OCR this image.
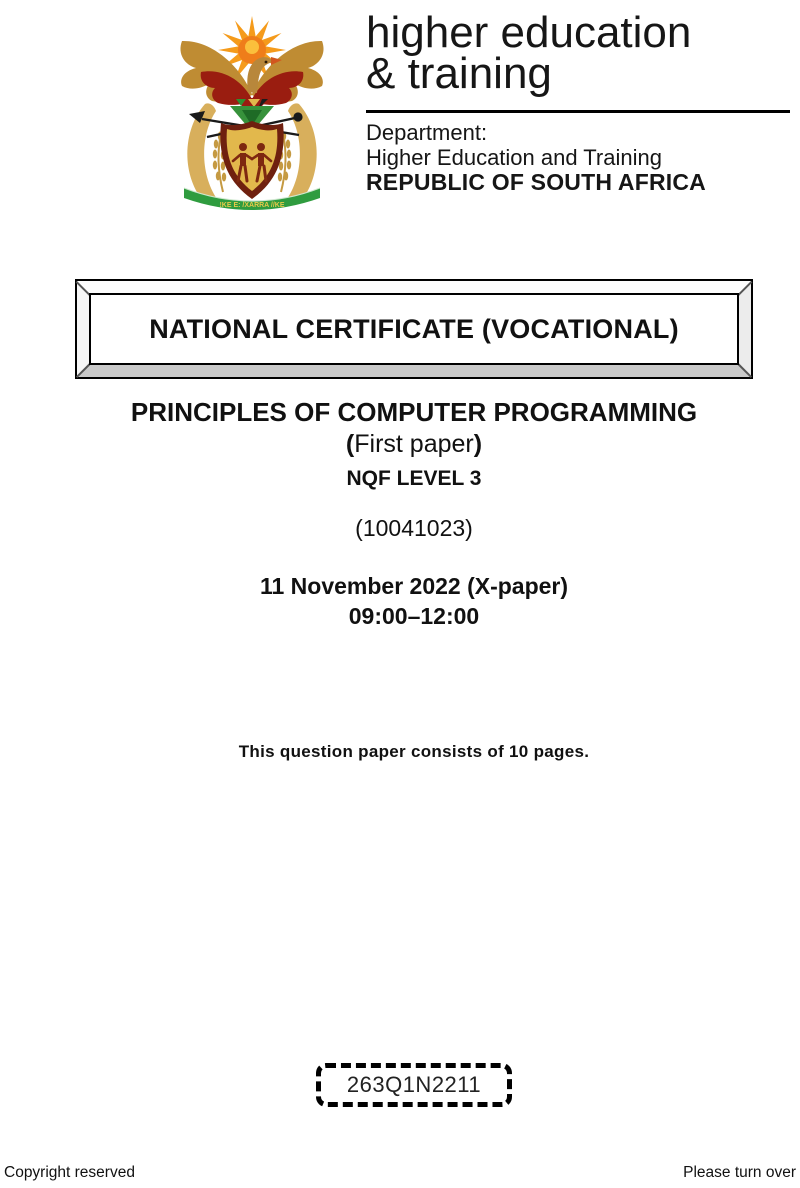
!KE E: /XARRA //KE
higher education
& training
Department:
Higher Education and Training
REPUBLIC OF SOUTH AFRICA
NATIONAL CERTIFICATE (VOCATIONAL)
PRINCIPLES OF COMPUTER PROGRAMMING
(First paper)
NQF LEVEL 3
(10041023)
11 November 2022 (X-paper)
09:00–12:00
This question paper consists of 10 pages.
263Q1N2211
Copyright reserved	Please turn over
